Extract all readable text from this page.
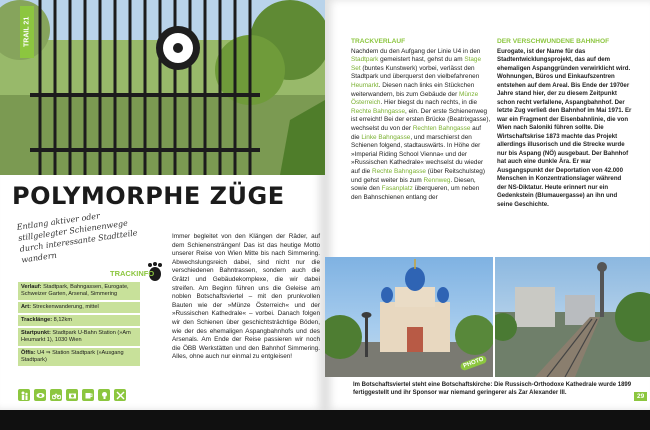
TRAIL 21
POLYMORPHE ZÜGE
Entlang aktiver oder stillgelegter Schienenwege durch interessante Stadtteile wandern
TRACKINFO
Verlauf: Stadtpark, Bahngassen, Eurogate, Schweizer Garten, Arsenal, Simmering
Art: Streckenwanderung, mittel
Tracklänge: 8,12km
Startpunkt: Stadtpark U-Bahn Station (»Am Heumarkt 1), 1030 Wien
Öffis: U4 ⇒ Station Stadtpark (»Ausgang Stadtpark)
Immer begleitet von den Klängen der Räder, auf dem Schienensträngen! Das ist das heutige Motto unserer Reise von Wien Mitte bis nach Simmering. Abwechslungsreich dabei, sind nicht nur die verschiedenen Bahntrassen, sondern auch die Grätzl und Gebäudekomplexe, die wir dabei streifen. Am Beginn führen uns die Geleise am noblen Botschaftsviertel – mit den prunkvollen Bauten wie der »Münze Österreich« und der »Russischen Kathedrale« – vorbei. Danach folgen wir den Schienen über geschichtsträchtige Böden, wie der des ehemaligen Aspangbahnhofs und des Arsenals. Am Ende der Reise passieren wir noch die ÖBB Werkstätten und den Bahnhof Simmering. Alles, ohne auch nur einmal zu entgleisen!
TRACKVERLAUF
Nachdem du den Aufgang der Linie U4 in den Stadtpark gemeistert hast, gehst du am Stage Set (buntes Kunstwerk) vorbei, verlässt den Stadtpark und überquerst den vielbefahrenen Heumarkt. Diesen nach links ein Stückchen weiterwandern, bis zum Gebäude der Münze Österreich. Hier biegst du nach rechts, in die Rechte Bahngasse, ein. Der erste Schienenweg ist erreicht! Bei der ersten Brücke (Beatrixgasse), wechselst du von der Rechten Bahngasse auf die Linke Bahngasse, und marschierst den Schienen folgend, stadtauswärts. In Höhe der »Imperial Riding School Vienna« und der »Russischen Kathedrale« wechselst du wieder auf die Rechte Bahngasse (über Reitschulsteg) und gehst weiter bis zum Rennweg. Diesen, sowie den Fasanplatz überqueren, um neben den Bahnschienen entlang der
DER VERSCHWUNDENE BAHNHOF
Eurogate, ist der Name für das Stadtentwicklungsprojekt, das auf dem ehemaligen Aspanggründen verwirklicht wird. Wohnungen, Büros und Einkaufszentren entstehen auf dem Areal. Bis Ende der 1970er Jahre stand hier, der zu diesem Zeitpunkt schon recht verfallene, Aspangbahnhof. Der letzte Zug verließ den Bahnhof im Mai 1971. Er war ein Fragment der Eisenbahnlinie, die von Wien nach Saloniki führen sollte. Die Wirtschaftskrise 1873 machte das Projekt allerdings illusorisch und die Strecke wurde nur bis Aspang (NÖ) ausgebaut. Der Bahnhof hat auch eine dunkle Ära. Er war Ausgangspunkt der Deportation von 42.000 Menschen in Konzentrationslager während der NS-Diktatur. Heute erinnert nur ein Gedenkstein (Blumauergasse) an ihn und seine Geschichte.
PHOTO
Im Botschaftsviertel steht eine Botschaftskirche: Die Russisch-Orthodoxe Kathedrale wurde 1899 fertiggestellt und ihr Sponsor war niemand geringerer als Zar Alexander III.	29
